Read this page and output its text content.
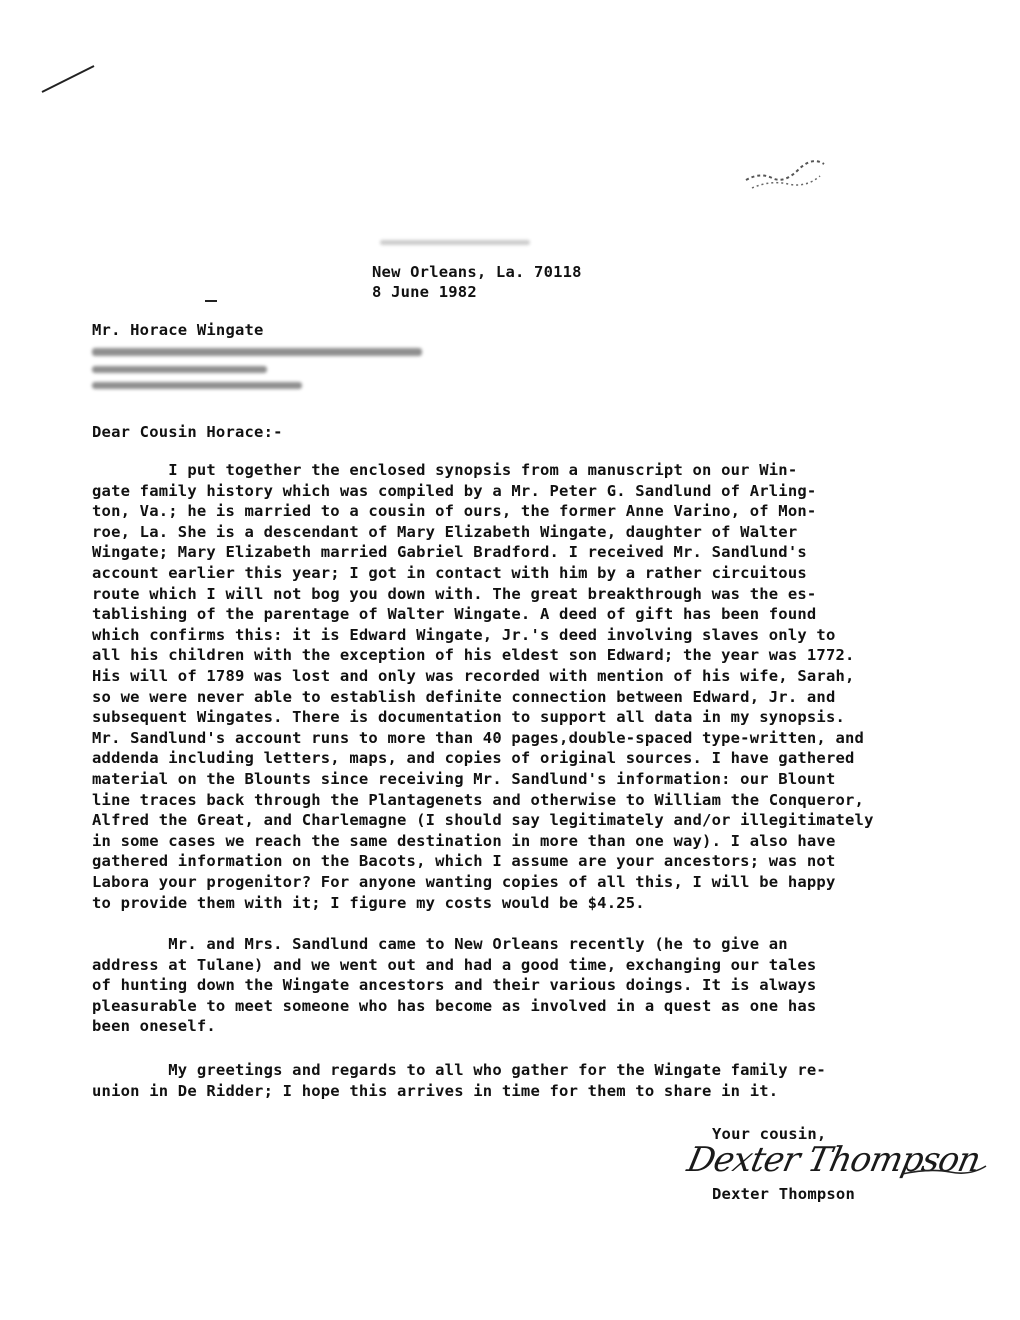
New Orleans, La. 70118
8 June 1982
Mr. Horace Wingate
Dear Cousin Horace:-
I put together the enclosed synopsis from a manuscript on our Win-
gate family history which was compiled by a Mr. Peter G. Sandlund of Arling-
ton, Va.; he is married to a cousin of ours, the former Anne Varino, of Mon-
roe, La. She is a descendant of Mary Elizabeth Wingate, daughter of Walter
Wingate; Mary Elizabeth married Gabriel Bradford. I received Mr. Sandlund's
account earlier this year; I got in contact with him by a rather circuitous
route which I will not bog you down with. The great breakthrough was the es-
tablishing of the parentage of Walter Wingate. A deed of gift has been found
which confirms this: it is Edward Wingate, Jr.'s deed involving slaves only to
all his children with the exception of his eldest son Edward; the year was 1772.
His will of 1789 was lost and only was recorded with mention of his wife, Sarah,
so we were never able to establish definite connection between Edward, Jr. and
subsequent Wingates. There is documentation to support all data in my synopsis.
Mr. Sandlund's account runs to more than 40 pages,double-spaced type-written, and
addenda including letters, maps, and copies of original sources. I have gathered
material on the Blounts since receiving Mr. Sandlund's information: our Blount
line traces back through the Plantagenets and otherwise to William the Conqueror,
Alfred the Great, and Charlemagne (I should say legitimately and/or illegitimately
in some cases we reach the same destination in more than one way). I also have
gathered information on the Bacots, which I assume are your ancestors; was not
Labora your progenitor? For anyone wanting copies of all this, I will be happy
to provide them with it; I figure my costs would be $4.25.
Mr. and Mrs. Sandlund came to New Orleans recently (he to give an
address at Tulane) and we went out and had a good time, exchanging our tales
of hunting down the Wingate ancestors and their various doings. It is always
pleasurable to meet someone who has become as involved in a quest as one has
been oneself.
My greetings and regards to all who gather for the Wingate family re-
union in De Ridder; I hope this arrives in time for them to share in it.
Your cousin,
Dexter Thompson
Dexter Thompson
